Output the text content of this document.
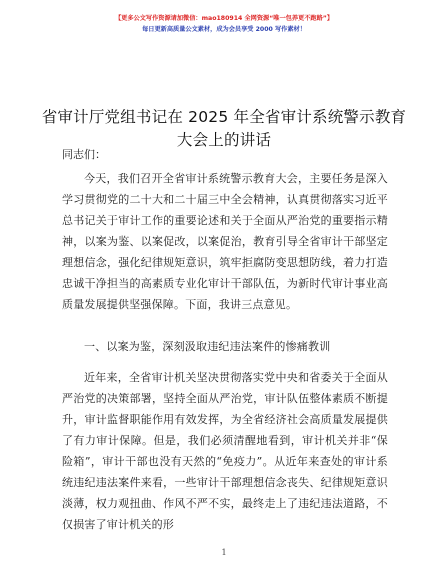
【更多公文写作资源请加微信：mao180914 全网资源“唯一包养更不跑路”】
每日更新高质量公文素材，成为会员享受 2000 写作素材！
省审计厅党组书记在 2025 年全省审计系统警示教育大会上的讲话
同志们：

今天，我们召开全省审计系统警示教育大会，主要任务是深入学习贯彻党的二十大和二十届三中全会精神，认真贯彻落实习近平总书记关于审计工作的重要论述和关于全面从严治党的重要指示精神，以案为鉴、以案促改，以案促治，教育引导全省审计干部坚定理想信念，强化纪律规矩意识，筑牢拒腐防变思想防线，着力打造忠诚干净担当的高素质专业化审计干部队伍，为新时代审计事业高质量发展提供坚强保障。下面，我讲三点意见。

一、以案为鉴，深刻汲取违纪违法案件的惨痛教训

近年来，全省审计机关坚决贯彻落实党中央和省委关于全面从严治党的决策部署，坚持全面从严治党，审计队伍整体素质不断提升，审计监督职能作用有效发挥，为全省经济社会高质量发展提供了有力审计保障。但是，我们必须清醒地看到，审计机关并非“保险箱”，审计干部也没有天然的“免疫力”。从近年来查处的审计系统违纪违法案件来看，一些审计干部理想信念丧失、纪律规矩意识淡薄，权力观扭曲、作风不严不实，最终走上了违纪违法道路，不仅损害了审计机关的形

1
